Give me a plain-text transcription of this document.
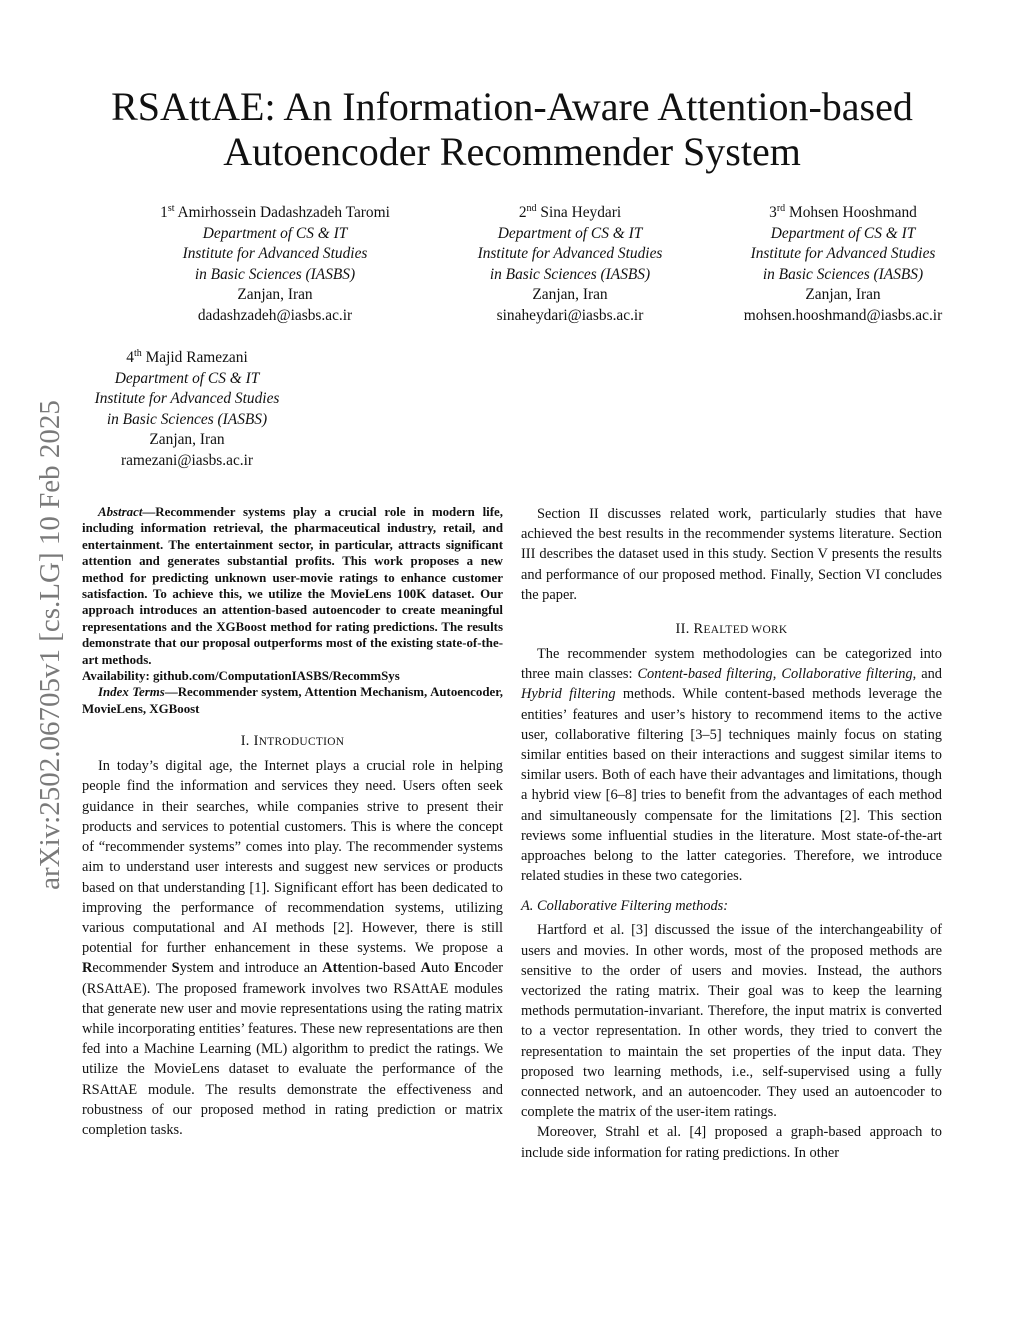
RSAttAE: An Information-Aware Attention-based Autoencoder Recommender System
arXiv:2502.06705v1 [cs.LG] 10 Feb 2025
1st Amirhossein Dadashzadeh Taromi
Department of CS & IT
Institute for Advanced Studies
in Basic Sciences (IASBS)
Zanjan, Iran
dadashzadeh@iasbs.ac.ir
2nd Sina Heydari
Department of CS & IT
Institute for Advanced Studies
in Basic Sciences (IASBS)
Zanjan, Iran
sinaheydari@iasbs.ac.ir
3rd Mohsen Hooshmand
Department of CS & IT
Institute for Advanced Studies
in Basic Sciences (IASBS)
Zanjan, Iran
mohsen.hooshmand@iasbs.ac.ir
4th Majid Ramezani
Department of CS & IT
Institute for Advanced Studies
in Basic Sciences (IASBS)
Zanjan, Iran
ramezani@iasbs.ac.ir

Abstract—Recommender systems play a crucial role in modern life, including information retrieval, the pharmaceutical industry, retail, and entertainment. The entertainment sector, in particular, attracts significant attention and generates substantial profits. This work proposes a new method for predicting unknown user-movie ratings to enhance customer satisfaction. To achieve this, we utilize the MovieLens 100K dataset. Our approach introduces an attention-based autoencoder to create meaningful representations and the XGBoost method for rating predictions. The results demonstrate that our proposal outperforms most of the existing state-of-the-art methods.

Availability: github.com/ComputationIASBS/RecommSys

Index Terms—Recommender system, Attention Mechanism, Autoencoder, MovieLens, XGBoost

I. INTRODUCTION

In today’s digital age, the Internet plays a crucial role in helping people find the information and services they need. Users often seek guidance in their searches, while companies strive to present their products and services to potential customers. This is where the concept of “recommender systems” comes into play. The recommender systems aim to understand user interests and suggest new services or products based on that understanding [1]. Significant effort has been dedicated to improving the performance of recommendation systems, utilizing various computational and AI methods [2]. However, there is still potential for further enhancement in these systems. We propose a Recommender System and introduce an Attention-based Auto Encoder (RSAttAE). The proposed framework involves two RSAttAE modules that generate new user and movie representations using the rating matrix while incorporating entities’ features. These new representations are then fed into a Machine Learning (ML) algorithm to predict the ratings. We utilize the MovieLens dataset to evaluate the performance of the RSAttAE module. The results demonstrate the effectiveness and robustness of our proposed method in rating prediction or matrix completion tasks.

Section II discusses related work, particularly studies that have achieved the best results in the recommender systems literature. Section III describes the dataset used in this study. Section V presents the results and performance of our proposed method. Finally, Section VI concludes the paper.

II. REALTED WORK

The recommender system methodologies can be categorized into three main classes: Content-based filtering, Collaborative filtering, and Hybrid filtering methods. While content-based methods leverage the entities’ features and user’s history to recommend items to the active user, collaborative filtering [3–5] techniques mainly focus on stating similar entities based on their interactions and suggest similar items to similar users. Both of each have their advantages and limitations, though a hybrid view [6–8] tries to benefit from the advantages of each method and simultaneously compensate for the limitations [2]. This section reviews some influential studies in the literature. Most state-of-the-art approaches belong to the latter categories. Therefore, we introduce related studies in these two categories.

A. Collaborative Filtering methods:

Hartford et al. [3] discussed the issue of the interchangeability of users and movies. In other words, most of the proposed methods are sensitive to the order of users and movies. Instead, the authors vectorized the rating matrix. Their goal was to keep the learning methods permutation-invariant. Therefore, the input matrix is converted to a vector representation. In other words, they tried to convert the representation to maintain the set properties of the input data. They proposed two learning methods, i.e., self-supervised using a fully connected network, and an autoencoder. They used an autoencoder to complete the matrix of the user-item ratings.

Moreover, Strahl et al. [4] proposed a graph-based approach to include side information for rating predictions. In other
